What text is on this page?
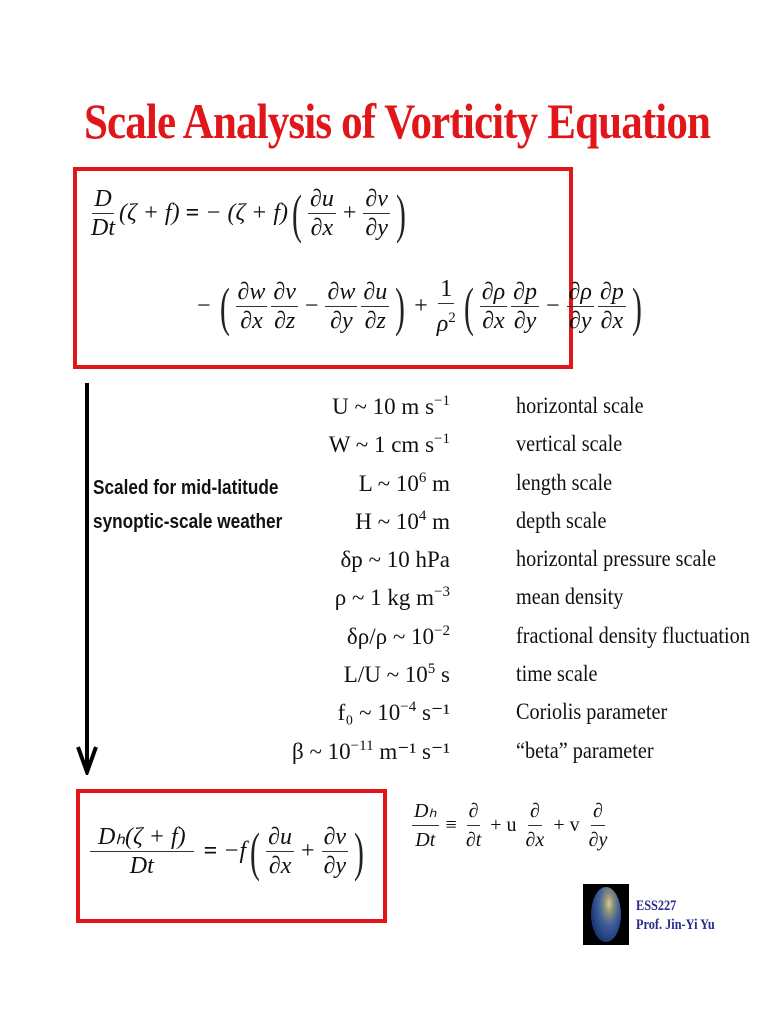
Scale Analysis of Vorticity Equation
$\frac{D}{Dt} (\zeta + f)$ = − (ζ + f) ( $\frac{\partial u}{\partial x} + \frac{\partial v}{\partial y}$ )
− ( $\frac{\partial w}{\partial x} \frac{\partial v}{\partial z} - \frac{\partial w}{\partial y} \frac{\partial u}{\partial z}$ ) + $\frac{1}{\rho^2}$ ( $\frac{\partial\rho}{\partial x} \frac{\partial p}{\partial y} - \frac{\partial\rho}{\partial y} \frac{\partial p}{\partial x}$ )
Scaled for mid-latitude
synoptic-scale weather
U ~ 10 m $s^{-1}$	horizontal scale
W ~ 1 cm $s^{-1}$	vertical scale
L ~ $10^6$ m	length scale
H ~ $10^4$ m	depth scale
δp ~ 10 hPa	horizontal pressure scale
ρ ~ 1 kg $m^{-3}$	mean density
δρ/ρ ~ $10^{-2}$	fractional density fluctuation
L/U ~ $10^5$ s	time scale
f₀ ~ $10^{-4}$ s⁻¹	Coriolis parameter
β ~ $10^{-11}$ m⁻¹ s⁻¹	“beta” parameter
$\frac{\text{Dₕ(ζ + f)}}{Dt} = -f$ ( $\frac{\partial u}{\partial x} + \frac{\partial v}{\partial y}$ ) $\frac{\text{Dₕ}}{Dt} \equiv \frac{\partial}{\partial t} + u \frac{\partial}{\partial x} + v \frac{\partial}{\partial y}$
ESS227
Prof. Jin-Yi Yu
